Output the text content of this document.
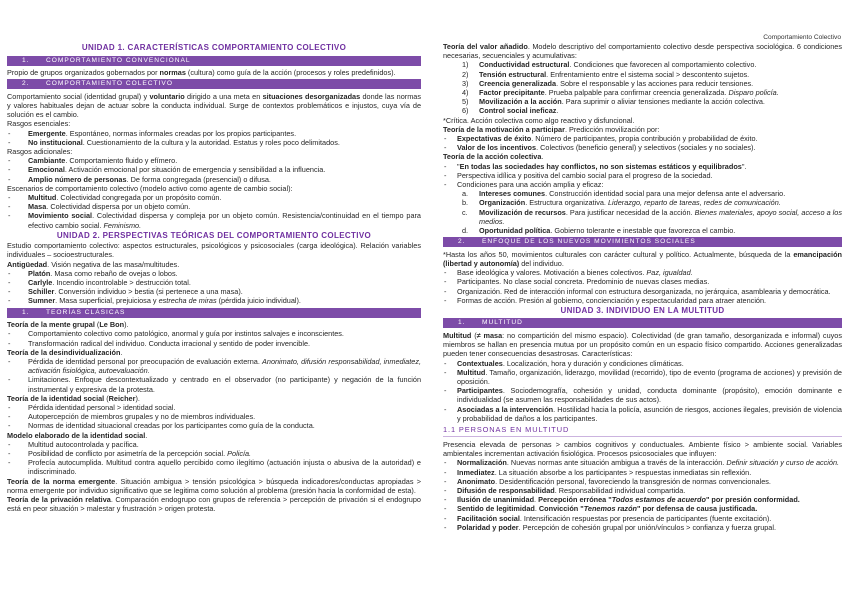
Comportamiento Colectivo
UNIDAD 1. CARACTERÍSTICAS COMPORTAMIENTO COLECTIVO
1.	COMPORTAMIENTO CONVENCIONAL

Propio de grupos organizados gobernados por normas (cultura) como guía de la acción (procesos y roles predefinidos).

2.	COMPORTAMIENTO COLECTIVO

Comportamiento social (identidad grupal) y voluntario dirigido a una meta en situaciones desorganizadas donde las normas y valores habituales dejan de actuar sobre la conducta individual. Surge de contextos problemáticos e injustos, cuya vía de solución es el cambio.

Rasgos esenciales:

- Emergente. Espontáneo, normas informales creadas por los propios participantes.
- No institucional. Cuestionamiento de la cultura y la autoridad. Estatus y roles poco delimitados.

Rasgos adicionales:

- Cambiante. Comportamiento fluido y efímero.
- Emocional. Activación emocional por situación de emergencia y sensibilidad a la influencia.
- Amplio número de personas. De forma congregada (presencial) o difusa.

Escenarios de comportamiento colectivo (modelo activo como agente de cambio social):

- Multitud. Colectividad congregada por un propósito común.
- Masa. Colectividad dispersa por un objeto común.
- Movimiento social. Colectividad dispersa y compleja por un objeto común. Resistencia/continuidad en el tiempo para efectivo cambio social. Feminismo.
UNIDAD 2. PERSPECTIVAS TEÓRICAS DEL COMPORTAMIENTO COLECTIVO

Estudio comportamiento colectivo: aspectos estructurales, psicológicos y psicosociales (carga ideológica). Relación variables individuales – socioestructurales.

Antigüedad. Visión negativa de las masa/multitudes.

- Platón. Masa como rebaño de ovejas o lobos.
- Carlyle. Incendio incontrolable > destrucción total.
- Schiller. Conversión individuo > bestia (si pertenece a una masa).
- Sumner. Masa superficial, prejuiciosa y estrecha de miras (pérdida juicio individual).
1.	TEORÍAS CLÁSICAS

Teoría de la mente grupal (Le Bon).

- Comportamiento colectivo como patológico, anormal y guía por instintos salvajes e inconscientes.
- Transformación radical del individuo. Conducta irracional y sentido de poder invencible.

Teoría de la desindividualización.

- Pérdida de identidad personal por preocupación de evaluación externa. Anonimato, difusión responsabilidad, inmediatez, activación fisiológica, autoevaluación.
- Limitaciones. Enfoque descontextualizado y centrado en el observador (no participante) y negación de la función instrumental y expresiva de la protesta.

Teoría de la identidad social (Reicher).

- Pérdida identidad personal > identidad social.
- Autopercepción de miembros grupales y no de miembros individuales.
- Normas de identidad situacional creadas por los participantes como guía de la conducta.

Modelo elaborado de la identidad social.

- Multitud autocontrolada y pacífica.
- Posibilidad de conflicto por asimetría de la percepción social. Policía.
- Profecía autocumplida. Multitud contra aquello percibido como ilegítimo (actuación injusta o abusiva de la autoridad) e indiscriminado.

Teoría de la norma emergente. Situación ambigua > tensión psicológica > búsqueda indicadores/conductas apropiadas > norma emergente por individuo significativo que se legitima como solución al problema (presión hacia la conformidad de esta).

Teoría de la privación relativa. Comparación endogrupo con grupos de referencia > percepción de privación si el endogrupo está en peor situación > malestar y frustración > origen protesta.

Teoría del valor añadido. Modelo descriptivo del comportamiento colectivo desde perspectiva sociológica. 6 condiciones necesarias, secuenciales y acumulativas:

1) Conductividad estructural. Condiciones que favorecen al comportamiento colectivo.
2) Tensión estructural. Enfrentamiento entre el sistema social > descontento sujetos.
3) Creencia generalizada. Sobre el responsable y las acciones para reducir tensiones.
4) Factor precipitante. Prueba palpable para confirmar creencia generalizada. Disparo policía.
5) Movilización a la acción. Para suprimir o aliviar tensiones mediante la acción colectiva.
6) Control social ineficaz.

*Crítica. Acción colectiva como algo reactivo y disfuncional.

Teoría de la motivación a participar. Predicción movilización por:

- Expectativas de éxito. Número de participantes, propia contribución y probabilidad de éxito.
- Valor de los incentivos. Colectivos (beneficio general) y selectivos (sociales y no sociales).

Teoría de la acción colectiva.

- "En todas las sociedades hay conflictos, no son sistemas estáticos y equilibrados".
- Perspectiva idílica y positiva del cambio social para el progreso de la sociedad.
- Condiciones para una acción amplia y eficaz:
a. Intereses comunes. Construcción identidad social para una mejor defensa ante el adversario.
b. Organización. Estructura organizativa. Liderazgo, reparto de tareas, redes de comunicación.
c. Movilización de recursos. Para justificar necesidad de la acción. Bienes materiales, apoyo social, acceso a los medios.
d. Oportunidad política. Gobierno tolerante e inestable que favorezca el cambio.
2.	ENFOQUE DE LOS NUEVOS MOVIMIENTOS SOCIALES

*Hasta los años 50, movimientos culturales con carácter cultural y político. Actualmente, búsqueda de la emancipación (libertad y autonomía) del individuo.

- Base ideológica y valores. Motivación a bienes colectivos. Paz, igualdad.
- Participantes. No clase social concreta. Predominio de nuevas clases medias.
- Organización. Red de interacción informal con estructura desorganizada, no jerárquica, asamblearia y democrática.
- Formas de acción. Presión al gobierno, concienciación y espectacularidad para atraer atención.
UNIDAD 3. INDIVIDUO EN LA MULTITUD
1.	MULTITUD

Multitud (≠ masa: no compartición del mismo espacio). Colectividad (de gran tamaño, desorganizada e informal) cuyos miembros se hallan en presencia mutua por un propósito común en un espacio físico compartido. Acciones generalizadas pueden tener consecuencias desastrosas. Características:

- Contextuales. Localización, hora y duración y condiciones climáticas.
- Multitud. Tamaño, organización, liderazgo, movilidad (recorrido), tipo de evento (programa de acciones) y previsión de oposición.
- Participantes. Sociodemografía, cohesión y unidad, conducta dominante (propósito), emoción dominante e individualidad (se asumen las responsabilidades de sus actos).
- Asociadas a la intervención. Hostilidad hacia la policía, asunción de riesgos, acciones ilegales, previsión de violencia y probabilidad de daños a los participantes.
1.1 PERSONAS EN MULTITUD

Presencia elevada de personas > cambios cognitivos y conductuales. Ambiente físico > ambiente social. Variables ambientales incrementan activación fisiológica. Procesos psicosociales que influyen:

- Normalización. Nuevas normas ante situación ambigua a través de la interacción. Definir situación y curso de acción.
- Inmediatez. La situación absorbe a los participantes > respuestas inmediatas sin reflexión.
- Anonimato. Desidentificación personal, favoreciendo la transgresión de normas convencionales.
- Difusión de responsabilidad. Responsabilidad individual compartida.
- Ilusión de unanimidad. Percepción errónea "Todos estamos de acuerdo" por presión conformidad.
- Sentido de legitimidad. Convicción "Tenemos razón" por defensa de causa justificada.
- Facilitación social. Intensificación respuestas por presencia de participantes (fuente excitación).
- Polaridad y poder. Percepción de cohesión grupal por unión/vínculos > confianza y fuerza grupal.
